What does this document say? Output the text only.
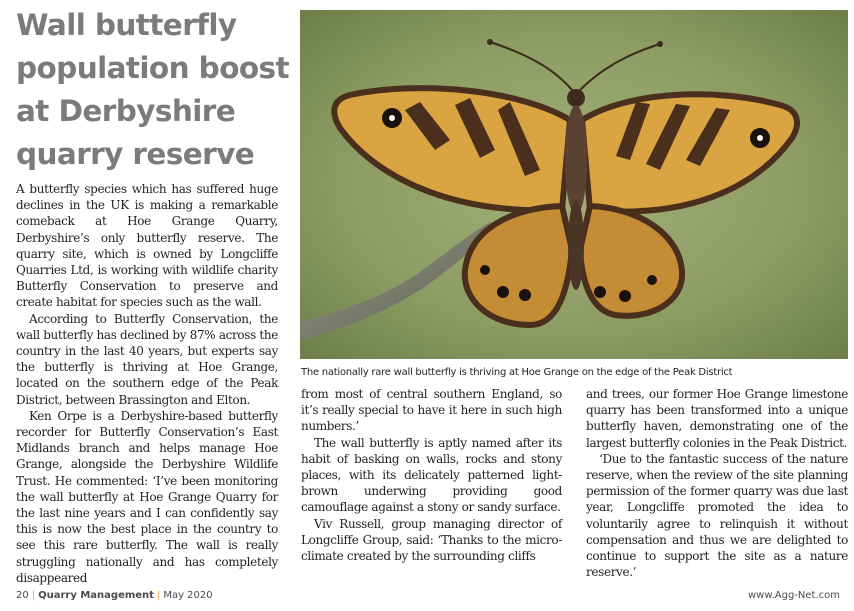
Wall butterfly population boost at Derbyshire quarry reserve

A butterfly species which has suffered huge declines in the UK is making a remarkable comeback at Hoe Grange Quarry, Derbyshire’s only butterfly reserve. The quarry site, which is owned by Longcliffe Quarries Ltd, is working with wildlife charity Butterfly Conservation to preserve and create habitat for species such as the wall.

According to Butterfly Conservation, the wall butterfly has declined by 87% across the country in the last 40 years, but experts say the butterfly is thriving at Hoe Grange, located on the southern edge of the Peak District, between Brassington and Elton.

Ken Orpe is a Derbyshire-based butterfly recorder for Butterfly Conservation’s East Midlands branch and helps manage Hoe Grange, alongside the Derbyshire Wildlife Trust. He commented: ‘I’ve been monitoring the wall butterfly at Hoe Grange Quarry for the last nine years and I can confidently say this is now the best place in the country to see this rare butterfly. The wall is really struggling nationally and has completely disappeared

The nationally rare wall butterfly is thriving at Hoe Grange on the edge of the Peak District

from most of central southern England, so it’s really special to have it here in such high numbers.’

The wall butterfly is aptly named after its habit of basking on walls, rocks and stony places, with its delicately patterned light-brown underwing providing good camouflage against a stony or sandy surface.

Viv Russell, group managing director of Longcliffe Group, said: ‘Thanks to the micro-climate created by the surrounding cliffs

and trees, our former Hoe Grange limestone quarry has been transformed into a unique butterfly haven, demonstrating one of the largest butterfly colonies in the Peak District.

‘Due to the fantastic success of the nature reserve, when the review of the site planning permission of the former quarry was due last year, Longcliffe promoted the idea to voluntarily agree to relinquish it without compensation and thus we are delighted to continue to support the site as a nature reserve.’

20 | Quarry Management | May 2020	www.Agg-Net.com
